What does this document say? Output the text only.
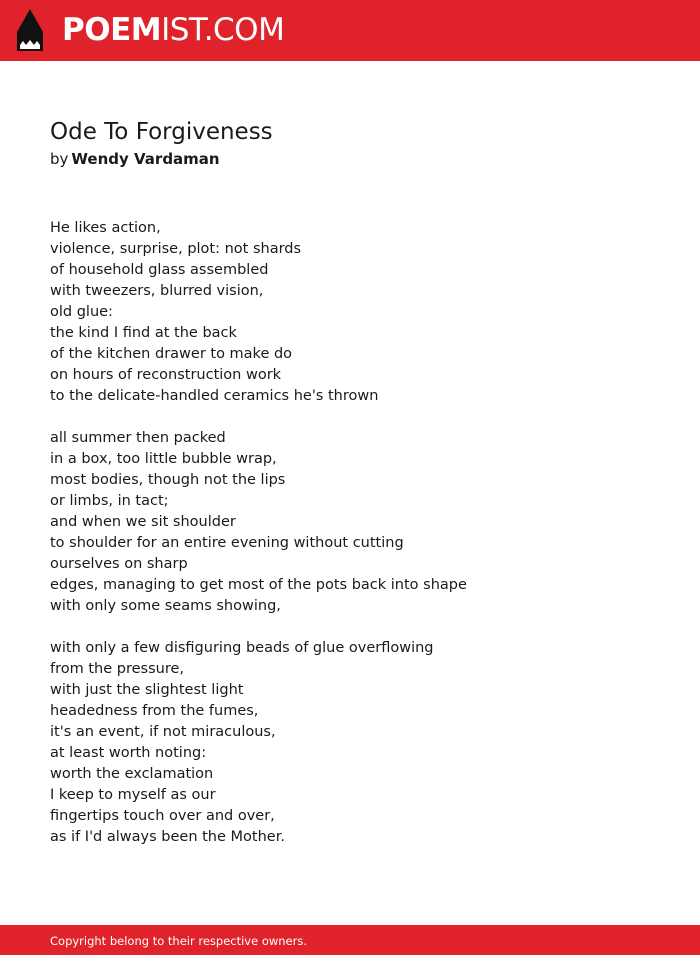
POEMIST.COM
Ode To Forgiveness
by Wendy Vardaman
He likes action,
violence, surprise, plot: not shards
of household glass assembled
with tweezers, blurred vision,
old glue:
the kind I find at the back
of the kitchen drawer to make do
on hours of reconstruction work
to the delicate-handled ceramics he's thrown
all summer then packed
in a box, too little bubble wrap,
most bodies, though not the lips
or limbs, in tact;
and when we sit shoulder
to shoulder for an entire evening without cutting
ourselves on sharp
edges, managing to get most of the pots back into shape
with only some seams showing,
with only a few disfiguring beads of glue overflowing
from the pressure,
with just the slightest light
headedness from the fumes,
it's an event, if not miraculous,
at least worth noting:
worth the exclamation
I keep to myself as our
fingertips touch over and over,
as if I'd always been the Mother.
Copyright belong to their respective owners.
